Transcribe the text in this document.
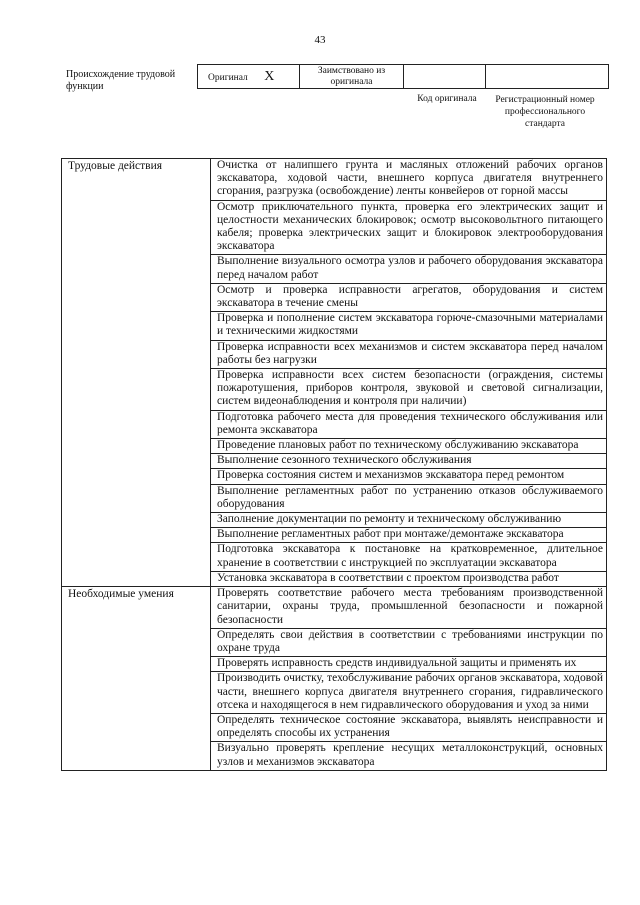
43
Происхождение трудовой функции
Оригинал X	Заимствовано из оригинала		
Код оригинала	Регистрационный номер профессионального стандарта
Трудовые действия	Очистка от налипшего грунта и масляных отложений рабочих органов экскаватора, ходовой части, внешнего корпуса двигателя внутреннего сгорания, разгрузка (освобождение) ленты конвейеров от горной массы
	Осмотр приключательного пункта, проверка его электрических защит и целостности механических блокировок; осмотр высоковольтного питающего кабеля; проверка электрических защит и блокировок электрооборудования экскаватора
	Выполнение визуального осмотра узлов и рабочего оборудования экскаватора перед началом работ
	Осмотр и проверка исправности агрегатов, оборудования и систем экскаватора в течение смены
	Проверка и пополнение систем экскаватора горюче-смазочными материалами и техническими жидкостями
	Проверка исправности всех механизмов и систем экскаватора перед началом работы без нагрузки
	Проверка исправности всех систем безопасности (ограждения, системы пожаротушения, приборов контроля, звуковой и световой сигнализации, систем видеонаблюдения и контроля при наличии)
	Подготовка рабочего места для проведения технического обслуживания или ремонта экскаватора
	Проведение плановых работ по техническому обслуживанию экскаватора
	Выполнение сезонного технического обслуживания
	Проверка состояния систем и механизмов экскаватора перед ремонтом
	Выполнение регламентных работ по устранению отказов обслуживаемого оборудования
	Заполнение документации по ремонту и техническому обслуживанию
	Выполнение регламентных работ при монтаже/демонтаже экскаватора
	Подготовка экскаватора к постановке на кратковременное, длительное хранение в соответствии с инструкцией по эксплуатации экскаватора
	Установка экскаватора в соответствии с проектом производства работ
Необходимые умения	Проверять соответствие рабочего места требованиям производственной санитарии, охраны труда, промышленной безопасности и пожарной безопасности
	Определять свои действия в соответствии с требованиями инструкции по охране труда
	Проверять исправность средств индивидуальной защиты и применять их
	Производить очистку, техобслуживание рабочих органов экскаватора, ходовой части, внешнего корпуса двигателя внутреннего сгорания, гидравлического отсека и находящегося в нем гидравлического оборудования и уход за ними
	Определять техническое состояние экскаватора, выявлять неисправности и определять способы их устранения
	Визуально проверять крепление несущих металлоконструкций, основных узлов и механизмов экскаватора
